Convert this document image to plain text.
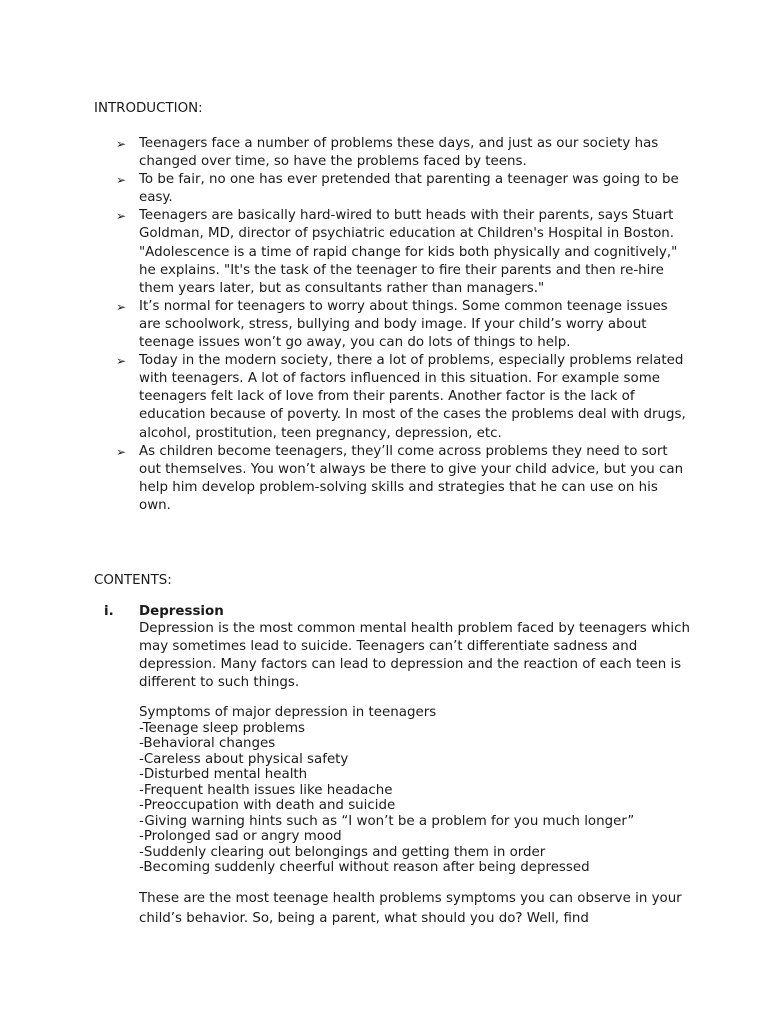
INTRODUCTION:
➢ Teenagers face a number of problems these days, and just as our society has changed over time, so have the problems faced by teens.
➢ To be fair, no one has ever pretended that parenting a teenager was going to be easy.
➢ Teenagers are basically hard-wired to butt heads with their parents, says Stuart Goldman, MD, director of psychiatric education at Children's Hospital in Boston. "Adolescence is a time of rapid change for kids both physically and cognitively," he explains. "It's the task of the teenager to fire their parents and then re-hire them years later, but as consultants rather than managers."
➢ It’s normal for teenagers to worry about things. Some common teenage issues are schoolwork, stress, bullying and body image. If your child’s worry about teenage issues won’t go away, you can do lots of things to help.
➢ Today in the modern society, there a lot of problems, especially problems related with teenagers. A lot of factors influenced in this situation. For example some teenagers felt lack of love from their parents. Another factor is the lack of education because of poverty. In most of the cases the problems deal with drugs, alcohol, prostitution, teen pregnancy, depression, etc.
➢ As children become teenagers, they’ll come across problems they need to sort out themselves. You won’t always be there to give your child advice, but you can help him develop problem-solving skills and strategies that he can use on his own.
CONTENTS:
i. Depression

Depression is the most common mental health problem faced by teenagers which may sometimes lead to suicide. Teenagers can’t differentiate sadness and depression. Many factors can lead to depression and the reaction of each teen is different to such things.

Symptoms of major depression in teenagers

-Teenage sleep problems
-Behavioral changes
-Careless about physical safety
-Disturbed mental health
-Frequent health issues like headache
-Preoccupation with death and suicide
-Giving warning hints such as “I won’t be a problem for you much longer”
-Prolonged sad or angry mood
-Suddenly clearing out belongings and getting them in order
-Becoming suddenly cheerful without reason after being depressed

These are the most teenage health problems symptoms you can observe in your child’s behavior. So, being a parent, what should you do? Well, find
